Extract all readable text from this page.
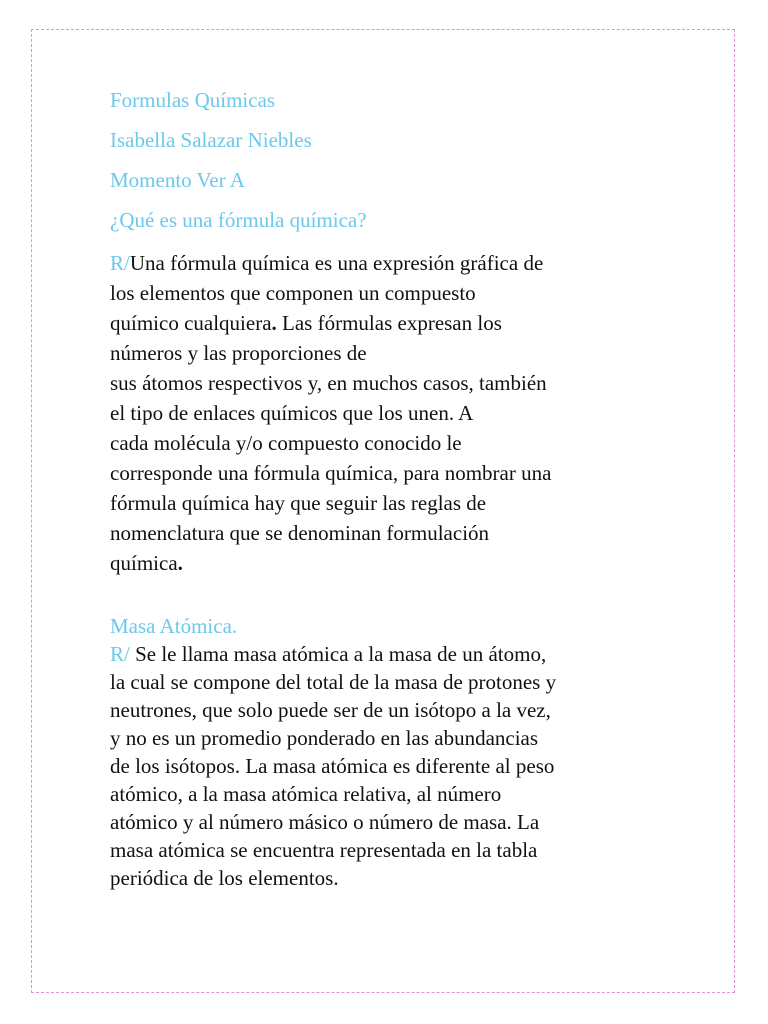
Formulas Químicas
Isabella Salazar Niebles
Momento Ver A
¿Qué es una fórmula química?
R/Una fórmula química es una expresión gráfica de
los elementos que componen un compuesto
químico cualquiera. Las fórmulas expresan los
números y las proporciones de
sus átomos respectivos y, en muchos casos, también
el tipo de enlaces químicos que los unen. A
cada molécula y/o compuesto conocido le
corresponde una fórmula química, para nombrar una
fórmula química hay que seguir las reglas de
nomenclatura que se denominan formulación
química.
Masa Atómica.
R/ Se le llama masa atómica a la masa de un átomo,
la cual se compone del total de la masa de protones y
neutrones, que solo puede ser de un isótopo a la vez,
y no es un promedio ponderado en las abundancias
de los isótopos. La masa atómica es diferente al peso
atómico, a la masa atómica relativa, al número
atómico y al número másico o número de masa. La
masa atómica se encuentra representada en la tabla
periódica de los elementos.
